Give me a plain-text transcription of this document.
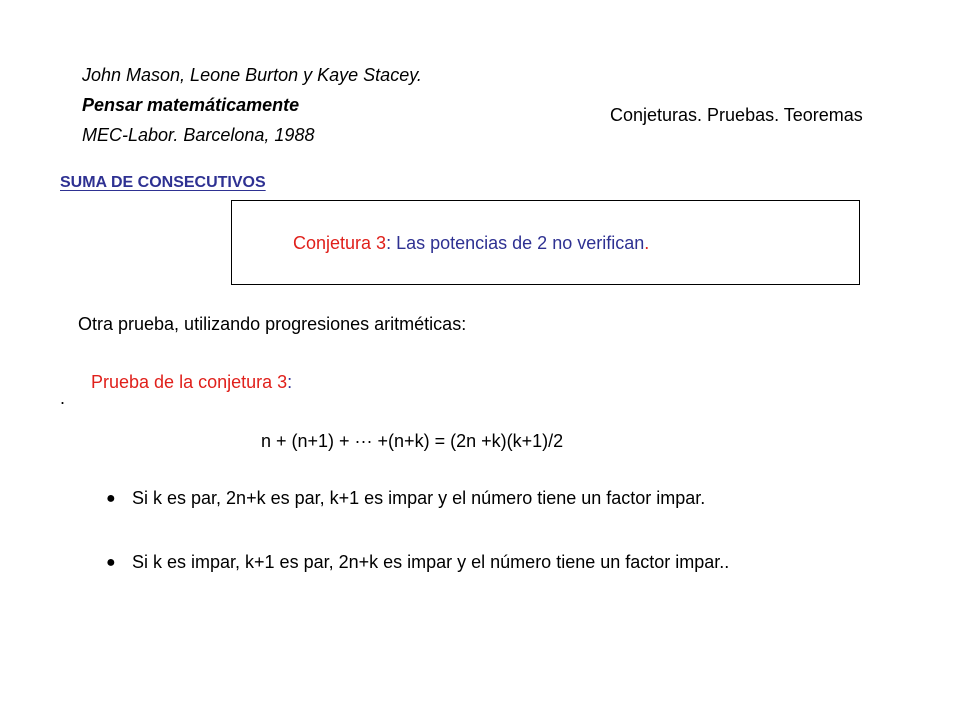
John Mason, Leone Burton y Kaye Stacey.
Pensar matemáticamente
MEC-Labor. Barcelona, 1988
Conjeturas. Pruebas. Teoremas
SUMA DE CONSECUTIVOS
Conjetura 3: Las potencias de 2 no verifican.
Otra prueba, utilizando progresiones aritméticas:
Prueba de la conjetura 3:
.
n + (n+1) + ··· +(n+k) = (2n +k)(k+1)/2
● Si k es par, 2n+k es par, k+1 es impar y el número tiene un factor impar.
● Si k es impar, k+1 es par, 2n+k es impar y el número tiene un factor impar..
